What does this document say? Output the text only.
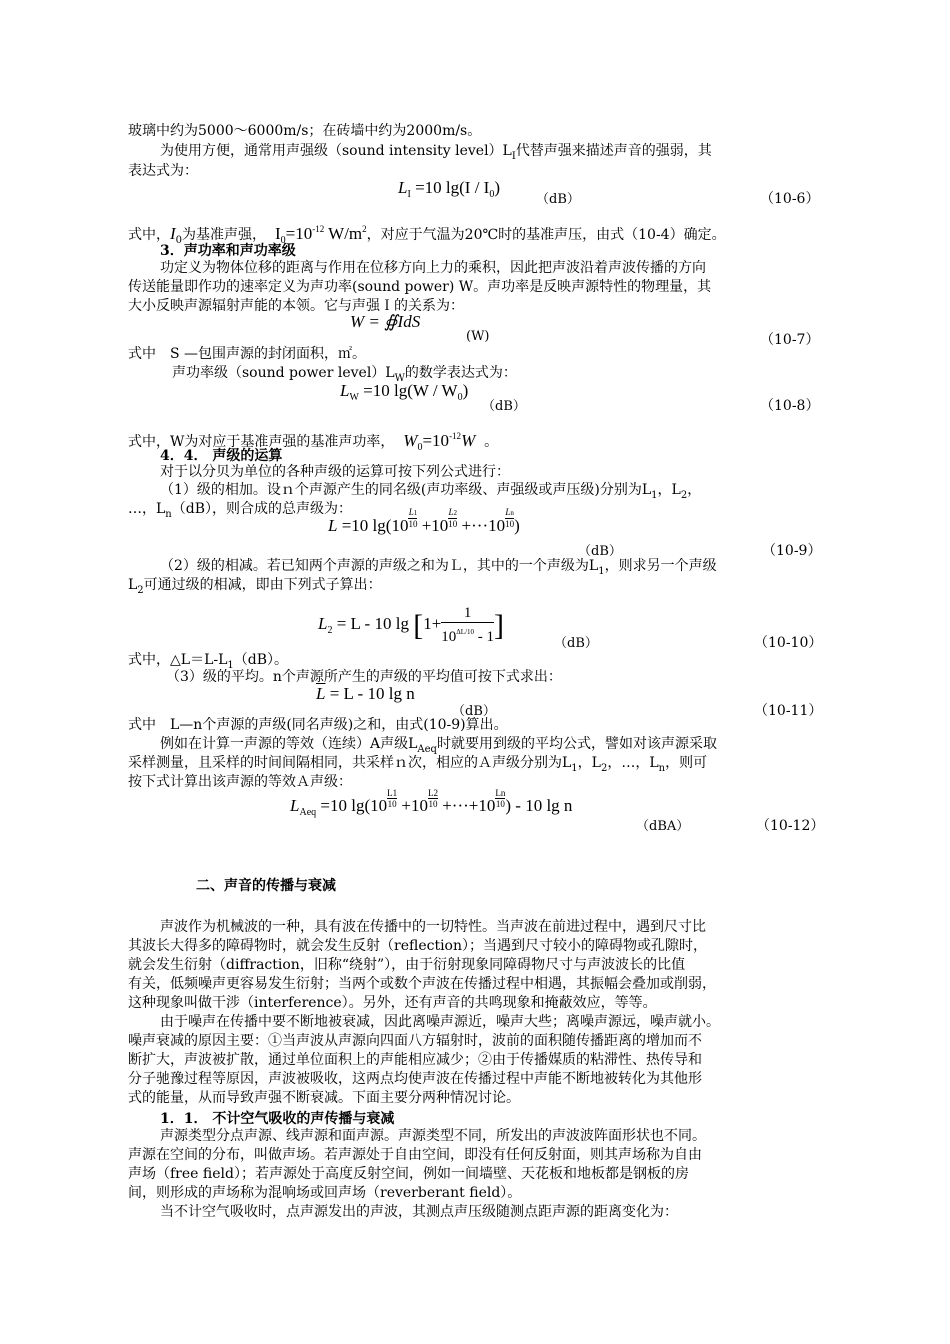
玻璃中约为5000～6000m/s；在砖墙中约为2000m/s。
为使用方便，通常用声强级（sound intensity $level)L_I$代替声强来描述声音的强弱，其
表达式为：
$L_I =10$ $\lg(I / I_0)$
（dB）	（10-6）
式中，$I_0$为基准声强， $I_0=10^{-12}$ $W/m^2$，对应于气温为20℃时的基准声压，由式（10-4）确定。
3．声功率和声功率级
功定义为物体位移的距离与作用在位移方向上力的乘积，因此把声波沿着声波传播的方向
传送能量即作功的速率定义为声功率(sound power) W。声功率是反映声源特性的物理量，其
大小反映声源辐射声能的本领。它与声强Ｉ的关系为：
W = ∯IdS
(W)	（10-7）
式中　S —包围声源的封闭面积，㎡。
声功率级（sound power $level)L_W$的数学表达式为：
$L_W =10$ $\lg(W / W_0)$
（dB）	（10-8）
式中，W为对应于基准声强的基准声功率， $W_0=10^{-12}W$ 。
4．4． 声级的运算
对于以分贝为单位的各种声级的运算可按下列公式进行：
（1）级的相加。设ｎ个声源产生的同名级(声功率级、声强级或声压级)分别为$L_1$，$L_2$，
…，$L_n(dB)$，则合成的总声级为：
L =10 $\lg(10 \frac{L1}{10} +10 \frac{L2}{10} +\cdot\cdot\cdot 10 \frac{Ln}{10}$ )
（dB）	（10-9）
（2）级的相减。若已知两个声源的声级之和为Ｌ，其中的一个声级为$L_1$，则求另一个声级
$L_2$可通过级的相减，即由下列式子算出：
$L_2 = L - 10$ $\lg [1+ \frac{1}{10^{\Delta L/10} - 1}$ ]
（dB）	（10-10）
式中，$\triangle L=L-L_1(dB)$。
（3）级的平均。n个声源所产生的声级的平均值可按下式求出：
$\overline{L} = L - 10$ lg n
（dB）	（10-11）
式中　L—n个声源的声级(同名声级)之和，由式(10-9)算出。
例如在计算一声源的等效（连续）A声级$L_{Aeq}$时就要用到级的平均公式，譬如对该声源采取
采样测量，且采样的时间间隔相同，共采样ｎ次，相应的Ａ声级分别为$L_1$，$L_2$，…，$L_n$，则可
按下式计算出该声源的等效Ａ声级：
$L_{Aeq} =10$ $\lg(10 \frac{L1}{10} +10 \frac{L2}{10} +\cdot\cdot\cdot+10 \frac{Ln}{10}$ ) - 10 lg n
（dBA）	（10-12）
二、声音的传播与衰减
声波作为机械波的一种，具有波在传播中的一切特性。当声波在前进过程中，遇到尺寸比
其波长大得多的障碍物时，就会发生反射（reflection）；当遇到尺寸较小的障碍物或孔隙时，
就会发生衍射（diffraction，旧称“绕射”），由于衍射现象同障碍物尺寸与声波波长的比值
有关，低频噪声更容易发生衍射；当两个或数个声波在传播过程中相遇，其振幅会叠加或削弱，
这种现象叫做干涉（interference）。另外，还有声音的共鸣现象和掩蔽效应，等等。
由于噪声在传播中要不断地被衰减，因此离噪声源近，噪声大些；离噪声源远，噪声就小。
噪声衰减的原因主要：①当声波从声源向四面八方辐射时，波前的面积随传播距离的增加而不
断扩大，声波被扩散，通过单位面积上的声能相应减少；②由于传播媒质的粘滞性、热传导和
分子驰豫过程等原因，声波被吸收，这两点均使声波在传播过程中声能不断地被转化为其他形
式的能量，从而导致声强不断衰减。下面主要分两种情况讨论。
1．1． 不计空气吸收的声传播与衰减
声源类型分点声源、线声源和面声源。声源类型不同，所发出的声波波阵面形状也不同。
声源在空间的分布，叫做声场。若声源处于自由空间，即没有任何反射面，则其声场称为自由
声场（free field）；若声源处于高度反射空间，例如一间墙壁、天花板和地板都是钢板的房
间，则形成的声场称为混响场或回声场（reverberant field）。
当不计空气吸收时，点声源发出的声波，其测点声压级随测点距声源的距离变化为：
